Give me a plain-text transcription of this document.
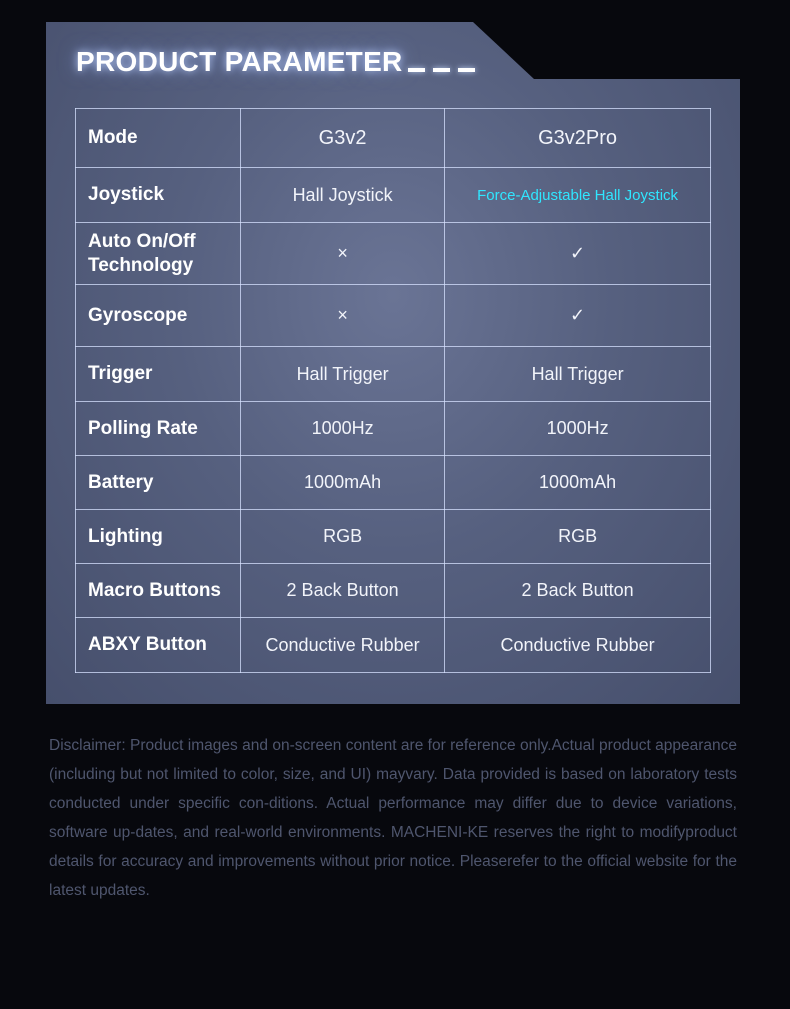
PRODUCT PARAMETER
Mode	G3v2	G3v2Pro
Joystick	Hall Joystick	Force-Adjustable Hall Joystick
Auto On/Off Technology	×	✓
Gyroscope	×	✓
Trigger	Hall Trigger	Hall Trigger
Polling Rate	1000Hz	1000Hz
Battery	1000mAh	1000mAh
Lighting	RGB	RGB
Macro Buttons	2 Back Button	2 Back Button
ABXY Button	Conductive Rubber	Conductive Rubber
Disclaimer: Product images and on-screen content are for reference only.Actual product appearance (including but not limited to color, size, and UI) mayvary. Data provided is based on laboratory tests conducted under specific con-ditions. Actual performance may differ due to device variations, software up-dates, and real-world environments. MACHENI-KE reserves the right to modifyproduct details for accuracy and improvements without prior notice. Pleaserefer to the official website for the latest updates.
